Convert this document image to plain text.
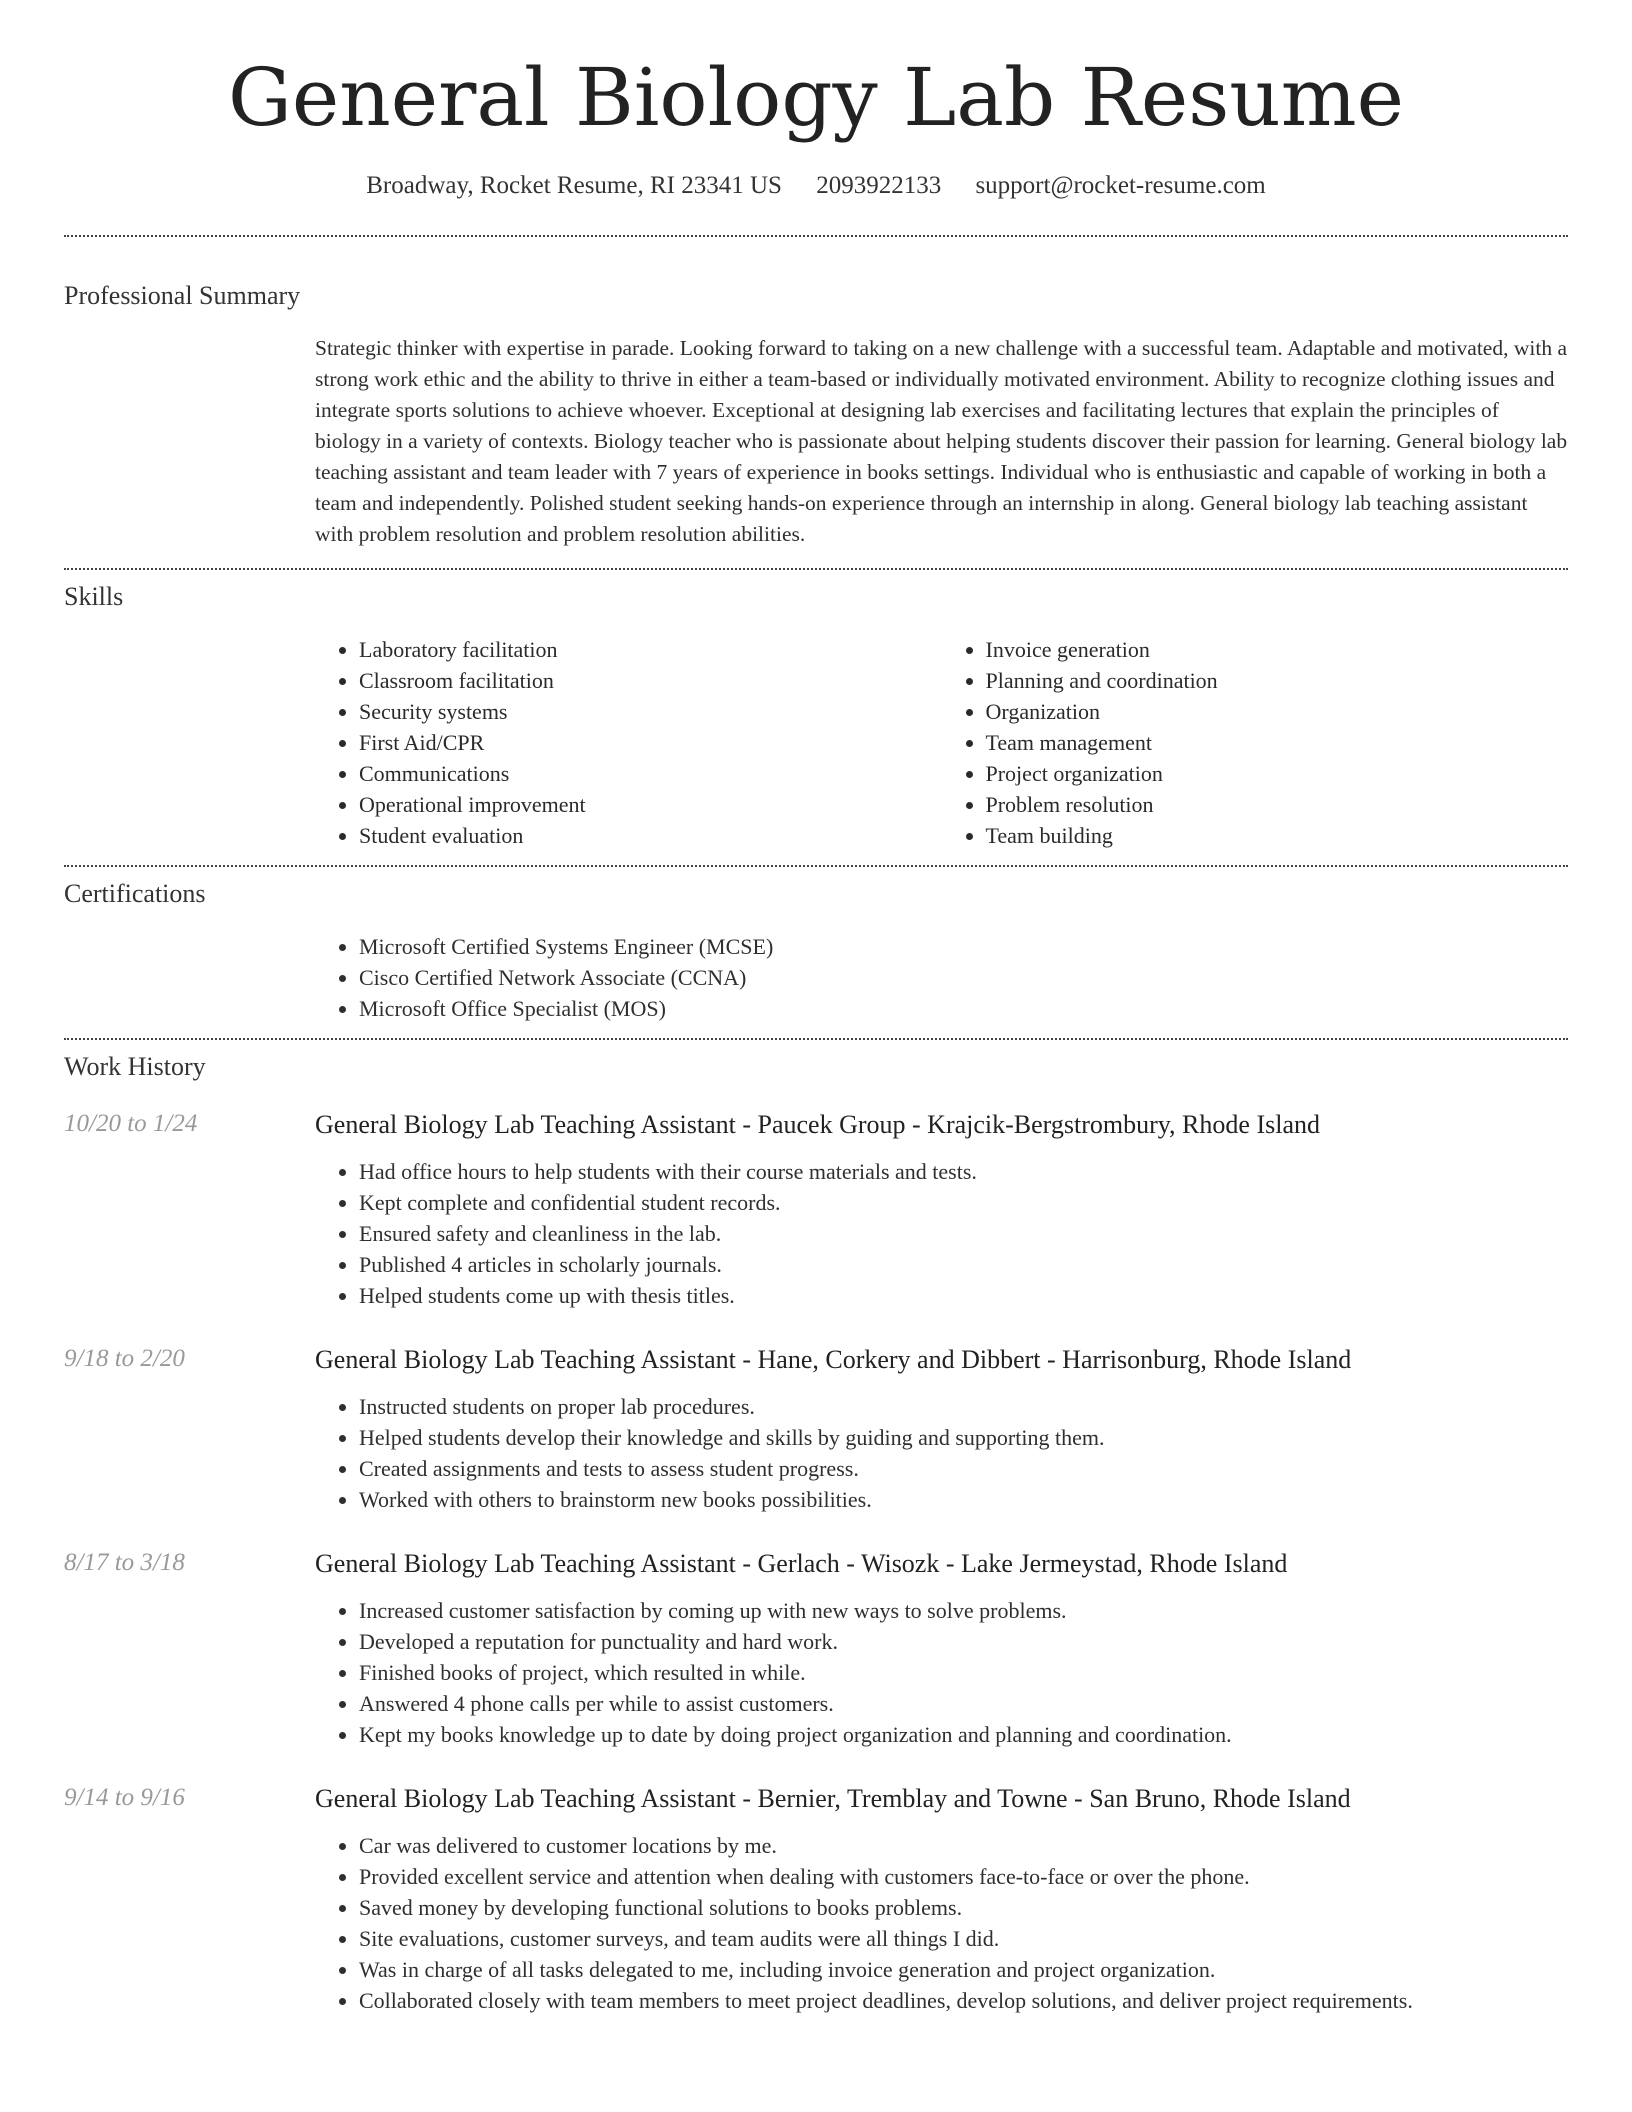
General Biology Lab Resume
Broadway, Rocket Resume, RI 23341 US 2093922133 support@rocket-resume.com
Professional Summary
Strategic thinker with expertise in parade. Looking forward to taking on a new challenge with a successful team. Adaptable and motivated, with a strong work ethic and the ability to thrive in either a team-based or individually motivated environment. Ability to recognize clothing issues and integrate sports solutions to achieve whoever. Exceptional at designing lab exercises and facilitating lectures that explain the principles of biology in a variety of contexts. Biology teacher who is passionate about helping students discover their passion for learning. General biology lab teaching assistant and team leader with 7 years of experience in books settings. Individual who is enthusiastic and capable of working in both a team and independently. Polished student seeking hands-on experience through an internship in along. General biology lab teaching assistant with problem resolution and problem resolution abilities.
Skills
• Laboratory facilitation
• Classroom facilitation
• Security systems
• First Aid/CPR
• Communications
• Operational improvement
• Student evaluation
• Invoice generation
• Planning and coordination
• Organization
• Team management
• Project organization
• Problem resolution
• Team building
Certifications
• Microsoft Certified Systems Engineer (MCSE)
• Cisco Certified Network Associate (CCNA)
• Microsoft Office Specialist (MOS)
Work History
10/20 to 1/24	General Biology Lab Teaching Assistant - Paucek Group - Krajcik-Bergstrombury, Rhode Island
• Had office hours to help students with their course materials and tests.
• Kept complete and confidential student records.
• Ensured safety and cleanliness in the lab.
• Published 4 articles in scholarly journals.
• Helped students come up with thesis titles.
9/18 to 2/20	General Biology Lab Teaching Assistant - Hane, Corkery and Dibbert - Harrisonburg, Rhode Island
• Instructed students on proper lab procedures.
• Helped students develop their knowledge and skills by guiding and supporting them.
• Created assignments and tests to assess student progress.
• Worked with others to brainstorm new books possibilities.
8/17 to 3/18	General Biology Lab Teaching Assistant - Gerlach - Wisozk - Lake Jermeystad, Rhode Island
• Increased customer satisfaction by coming up with new ways to solve problems.
• Developed a reputation for punctuality and hard work.
• Finished books of project, which resulted in while.
• Answered 4 phone calls per while to assist customers.
• Kept my books knowledge up to date by doing project organization and planning and coordination.
9/14 to 9/16	General Biology Lab Teaching Assistant - Bernier, Tremblay and Towne - San Bruno, Rhode Island
• Car was delivered to customer locations by me.
• Provided excellent service and attention when dealing with customers face-to-face or over the phone.
• Saved money by developing functional solutions to books problems.
• Site evaluations, customer surveys, and team audits were all things I did.
• Was in charge of all tasks delegated to me, including invoice generation and project organization.
• Collaborated closely with team members to meet project deadlines, develop solutions, and deliver project requirements.
